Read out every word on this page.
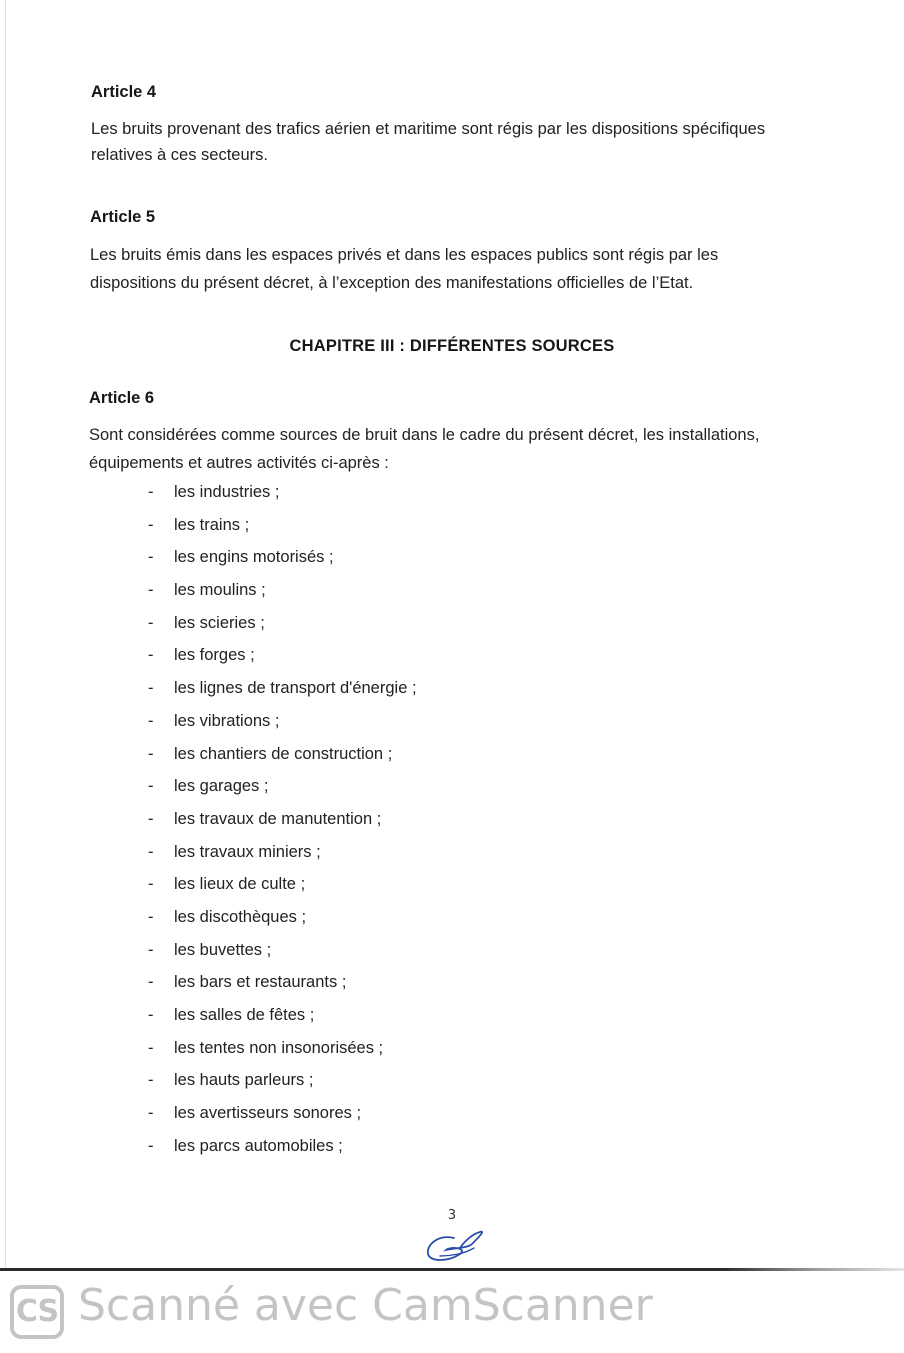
Article 4
Les bruits provenant des trafics aérien et maritime sont régis par les dispositions spécifiques
relatives à ces secteurs.
Article 5
Les bruits émis dans les espaces privés et dans les espaces publics sont régis par les
dispositions du présent décret, à l’exception des manifestations officielles de l’Etat.
CHAPITRE III : DIFFÉRENTES SOURCES
Article 6
Sont considérées comme sources de bruit dans le cadre du présent décret, les installations,
équipements et autres activités ci-après :
- les industries ;
- les trains ;
- les engins motorisés ;
- les moulins ;
- les scieries ;
- les forges ;
- les lignes de transport d'énergie ;
- les vibrations ;
- les chantiers de construction ;
- les garages ;
- les travaux de manutention ;
- les travaux miniers ;
- les lieux de culte ;
- les discothèques ;
- les buvettes ;
- les bars et restaurants ;
- les salles de fêtes ;
- les tentes non insonorisées ;
- les hauts parleurs ;
- les avertisseurs sonores ;
- les parcs automobiles ;
3
CS Scanné avec CamScanner
